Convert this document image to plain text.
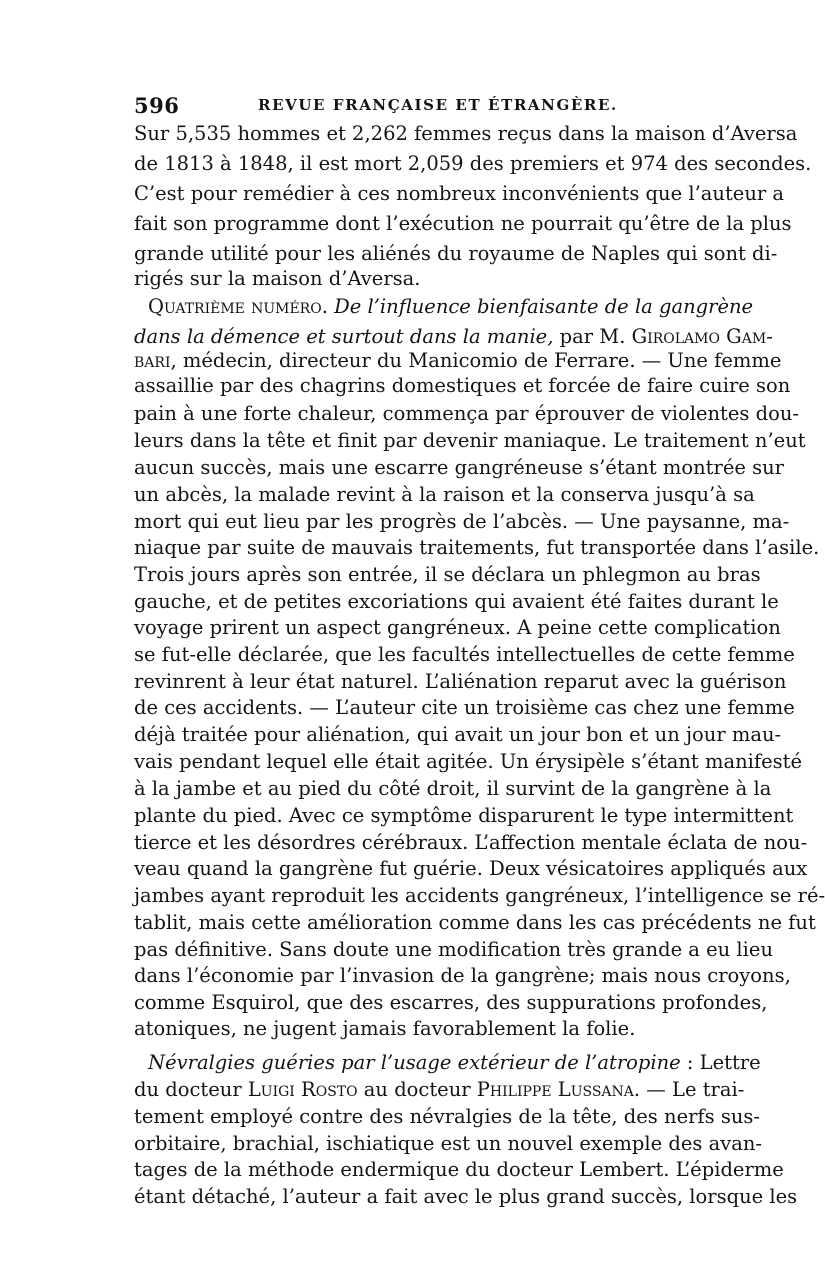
596	REVUE FRANÇAISE ET ÉTRANGÈRE.
Sur 5,535 hommes et 2,262 femmes reçus dans la maison d’Aversa
de 1813 à 1848, il est mort 2,059 des premiers et 974 des secondes.
C’est pour remédier à ces nombreux inconvénients que l’auteur a
fait son programme dont l’exécution ne pourrait qu’être de la plus
grande utilité pour les aliénés du royaume de Naples qui sont di-
rigés sur la maison d’Aversa.
Quatrième numéro. De l’influence bienfaisante de la gangrène
dans la démence et surtout dans la manie, par M. Girolamo Gam-
bari, médecin, directeur du Manicomio de Ferrare. — Une femme
assaillie par des chagrins domestiques et forcée de faire cuire son
pain à une forte chaleur, commença par éprouver de violentes dou-
leurs dans la tête et finit par devenir maniaque. Le traitement n’eut
aucun succès, mais une escarre gangréneuse s’étant montrée sur
un abcès, la malade revint à la raison et la conserva jusqu’à sa
mort qui eut lieu par les progrès de l’abcès. — Une paysanne, ma-
niaque par suite de mauvais traitements, fut transportée dans l’asile.
Trois jours après son entrée, il se déclara un phlegmon au bras
gauche, et de petites excoriations qui avaient été faites durant le
voyage prirent un aspect gangréneux. A peine cette complication
se fut-elle déclarée, que les facultés intellectuelles de cette femme
revinrent à leur état naturel. L’aliénation reparut avec la guérison
de ces accidents. — L’auteur cite un troisième cas chez une femme
déjà traitée pour aliénation, qui avait un jour bon et un jour mau-
vais pendant lequel elle était agitée. Un érysipèle s’étant manifesté
à la jambe et au pied du côté droit, il survint de la gangrène à la
plante du pied. Avec ce symptôme disparurent le type intermittent
tierce et les désordres cérébraux. L’affection mentale éclata de nou-
veau quand la gangrène fut guérie. Deux vésicatoires appliqués aux
jambes ayant reproduit les accidents gangréneux, l’intelligence se ré-
tablit, mais cette amélioration comme dans les cas précédents ne fut
pas définitive. Sans doute une modification très grande a eu lieu
dans l’économie par l’invasion de la gangrène; mais nous croyons,
comme Esquirol, que des escarres, des suppurations profondes,
atoniques, ne jugent jamais favorablement la folie.
Névralgies guéries par l’usage extérieur de l’atropine : Lettre
du docteur Luigi Rosto au docteur Philippe Lussana. — Le trai-
tement employé contre des névralgies de la tête, des nerfs sus-
orbitaire, brachial, ischiatique est un nouvel exemple des avan-
tages de la méthode endermique du docteur Lembert. L’épiderme
étant détaché, l’auteur a fait avec le plus grand succès, lorsque les
